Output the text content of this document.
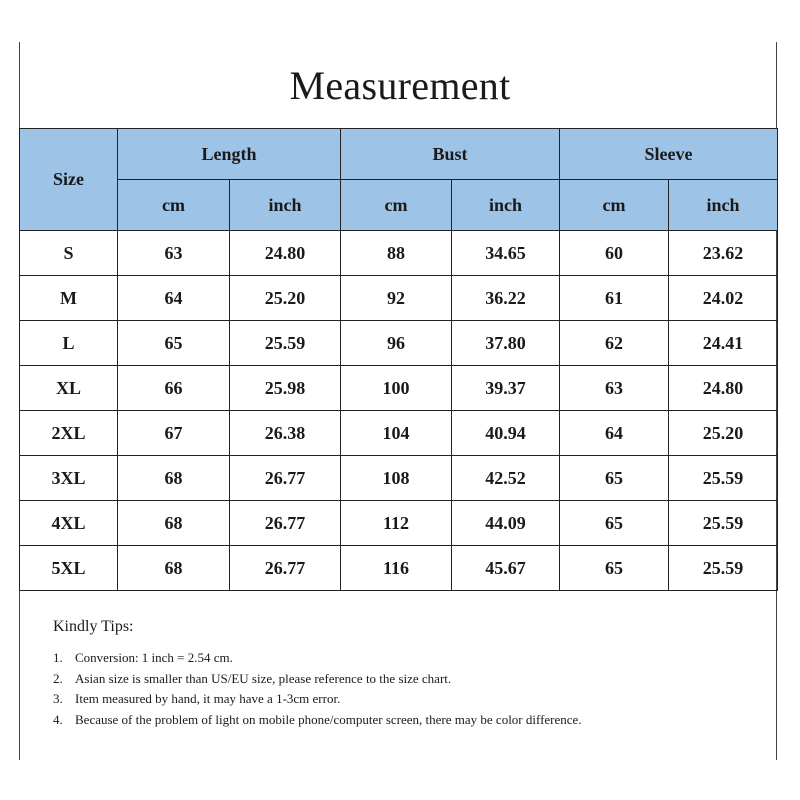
Measurement
Size	Length		Bust		Sleeve	
	cm	inch	cm	inch	cm	inch
S	63	24.80	88	34.65	60	23.62
M	64	25.20	92	36.22	61	24.02
L	65	25.59	96	37.80	62	24.41
XL	66	25.98	100	39.37	63	24.80
2XL	67	26.38	104	40.94	64	25.20
3XL	68	26.77	108	42.52	65	25.59
4XL	68	26.77	112	44.09	65	25.59
5XL	68	26.77	116	45.67	65	25.59
Kindly Tips:
1. Conversion: 1 inch = 2.54 cm.
2. Asian size is smaller than US/EU size, please reference to the size chart.
3. Item measured by hand, it may have a 1-3cm error.
4. Because of the problem of light on mobile phone/computer screen, there may be color difference.
